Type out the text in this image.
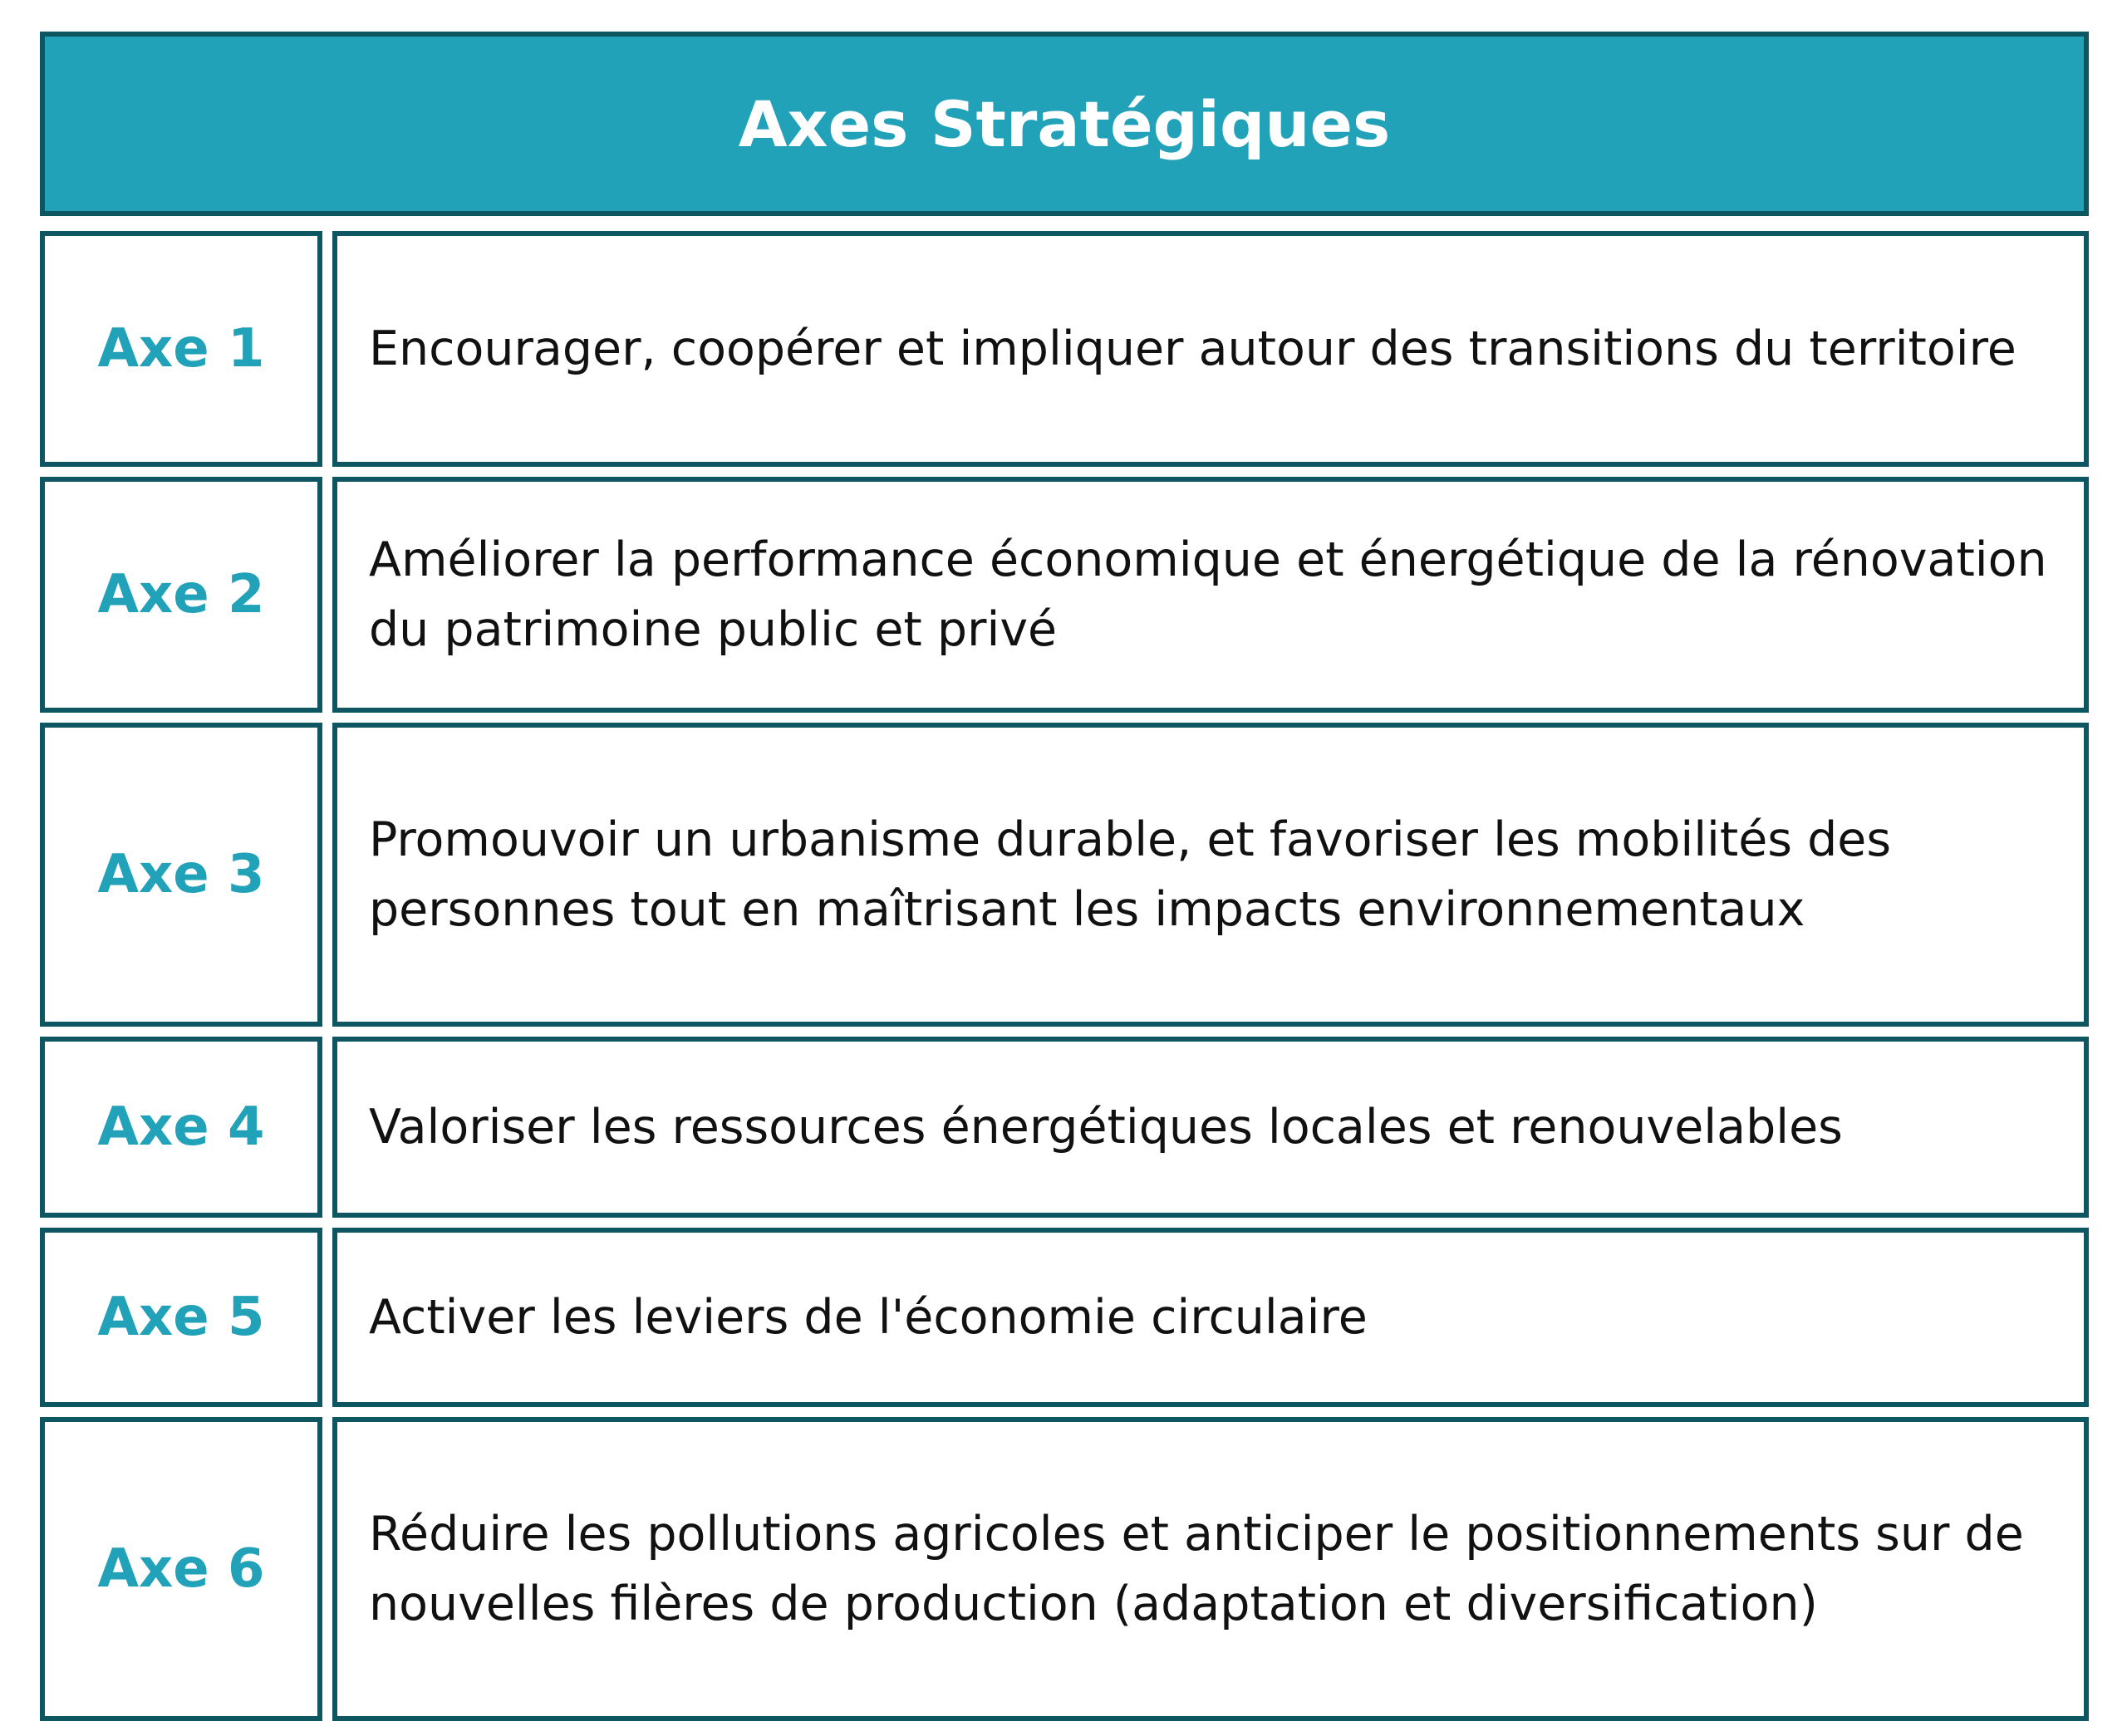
Axes Stratégiques
Axe 1 Encourager, coopérer et impliquer autour des transitions du territoire
Axe 2
Améliorer la performance économique et énergétique de la rénovation du patrimoine public et privé
Axe 3
Promouvoir un urbanisme durable, et favoriser les mobilités des personnes tout en maîtrisant les impacts environnementaux
Axe 4 Valoriser les ressources énergétiques locales et renouvelables
Axe 5 Activer les leviers de l'économie circulaire
Axe 6
Réduire les pollutions agricoles et anticiper le positionnements sur de nouvelles filères de production (adaptation et diversification)
